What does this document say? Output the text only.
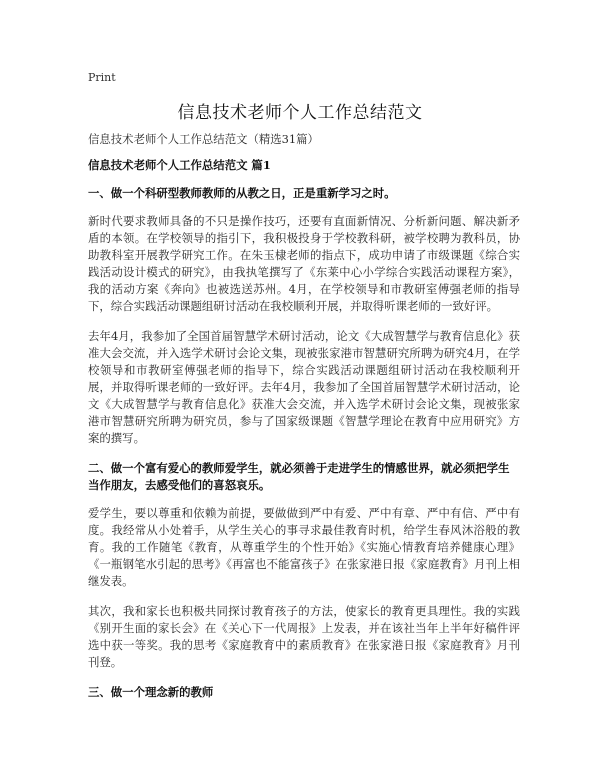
Print
信息技术老师个人工作总结范文

信息技术老师个人工作总结范文（精选31篇）

信息技术老师个人工作总结范文 篇1

一、做一个科研型教师教师的从教之日，正是重新学习之时。

新时代要求教师具备的不只是操作技巧，还要有直面新情况、分析新问题、解决新矛盾的本领。在学校领导的指引下，我积极投身于学校教科研，被学校聘为教科员，协助教科室开展教学研究工作。在朱玉棣老师的指点下，成功申请了市级课题《综合实践活动设计模式的研究》，由我执笔撰写了《东莱中心小学综合实践活动课程方案》，我的活动方案《奔向》也被选送苏州。4月，在学校领导和市教研室傅强老师的指导下，综合实践活动课题组研讨活动在我校顺利开展，并取得听课老师的一致好评。

去年4月，我参加了全国首届智慧学术研讨活动，论文《大成智慧学与教育信息化》获准大会交流，并入选学术研讨会论文集，现被张家港市智慧研究所聘为研究4月，在学校领导和市教研室傅强老师的指导下，综合实践活动课题组研讨活动在我校顺利开展，并取得听课老师的一致好评。去年4月，我参加了全国首届智慧学术研讨活动，论文《大成智慧学与教育信息化》获准大会交流，并入选学术研讨会论文集，现被张家港市智慧研究所聘为研究员，参与了国家级课题《智慧学理论在教育中应用研究》方案的撰写。

二、做一个富有爱心的教师爱学生，就必须善于走进学生的情感世界，就必须把学生当作朋友，去感受他们的喜怒哀乐。

爱学生，要以尊重和依赖为前提，要做做到严中有爱、严中有章、严中有信、严中有度。我经常从小处着手，从学生关心的事寻求最佳教育时机，给学生春风沐浴般的教育。我的工作随笔《教育，从尊重学生的个性开始》《实施心情教育培养健康心理》《一瓶钢笔水引起的思考》《再富也不能富孩子》在张家港日报《家庭教育》月刊上相继发表。

其次，我和家长也积极共同探讨教育孩子的方法，使家长的教育更具理性。我的实践《别开生面的家长会》在《关心下一代周报》上发表，并在该社当年上半年好稿件评选中获一等奖。我的思考《家庭教育中的素质教育》在张家港日报《家庭教育》月刊刊登。

三、做一个理念新的教师
